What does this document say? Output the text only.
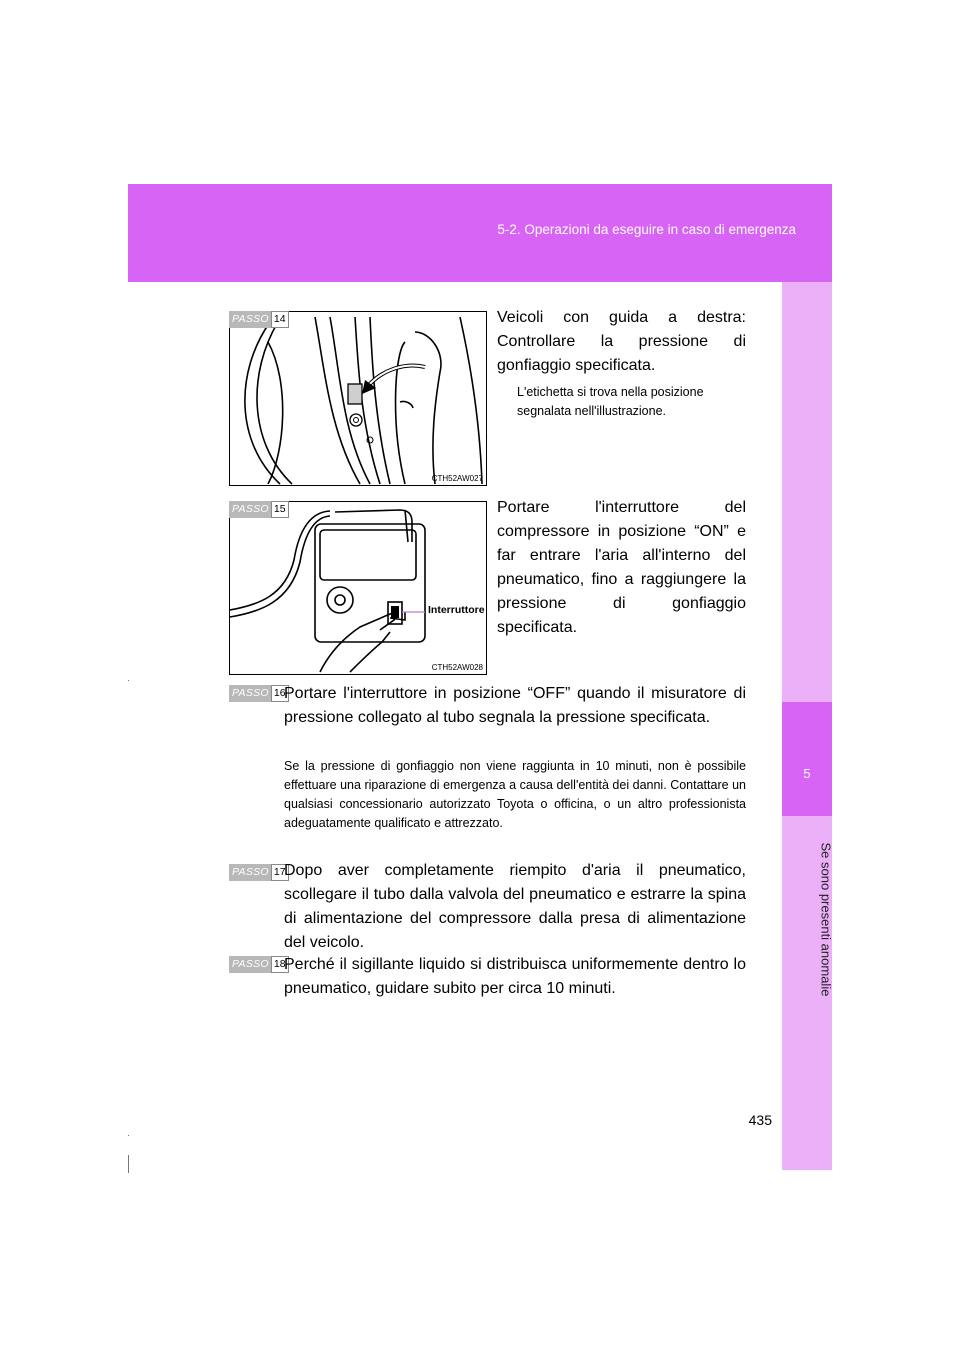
5-2. Operazioni da eseguire in caso di emergenza
5
Se sono presenti anomalie
435
CTH52AW027
PASSO 14	Veicoli con guida a destra: Controllare la pressione di gonfiaggio specificata.
L'etichetta si trova nella posizione segnalata nell'illustrazione.
CTH52AW028
Interruttore
PASSO 15	Portare l'interruttore del compressore in posizione “ON” e far entrare l'aria all'interno del pneumatico, fino a raggiungere la pressione di gonfiaggio specificata.
PASSO 16
Portare l'interruttore in posizione “OFF” quando il misuratore di pressione collegato al tubo segnala la pressione specificata.
Se la pressione di gonfiaggio non viene raggiunta in 10 minuti, non è possibile effettuare una riparazione di emergenza a causa dell'entità dei danni. Contattare un qualsiasi concessionario autorizzato Toyota o officina, o un altro professionista adeguatamente qualificato e attrezzato.
PASSO 17
Dopo aver completamente riempito d'aria il pneumatico, scollegare il tubo dalla valvola del pneumatico e estrarre la spina di alimentazione del compressore dalla presa di alimentazione del veicolo.
PASSO 18
Perché il sigillante liquido si distribuisca uniformemente dentro lo pneumatico, guidare subito per circa 10 minuti.
